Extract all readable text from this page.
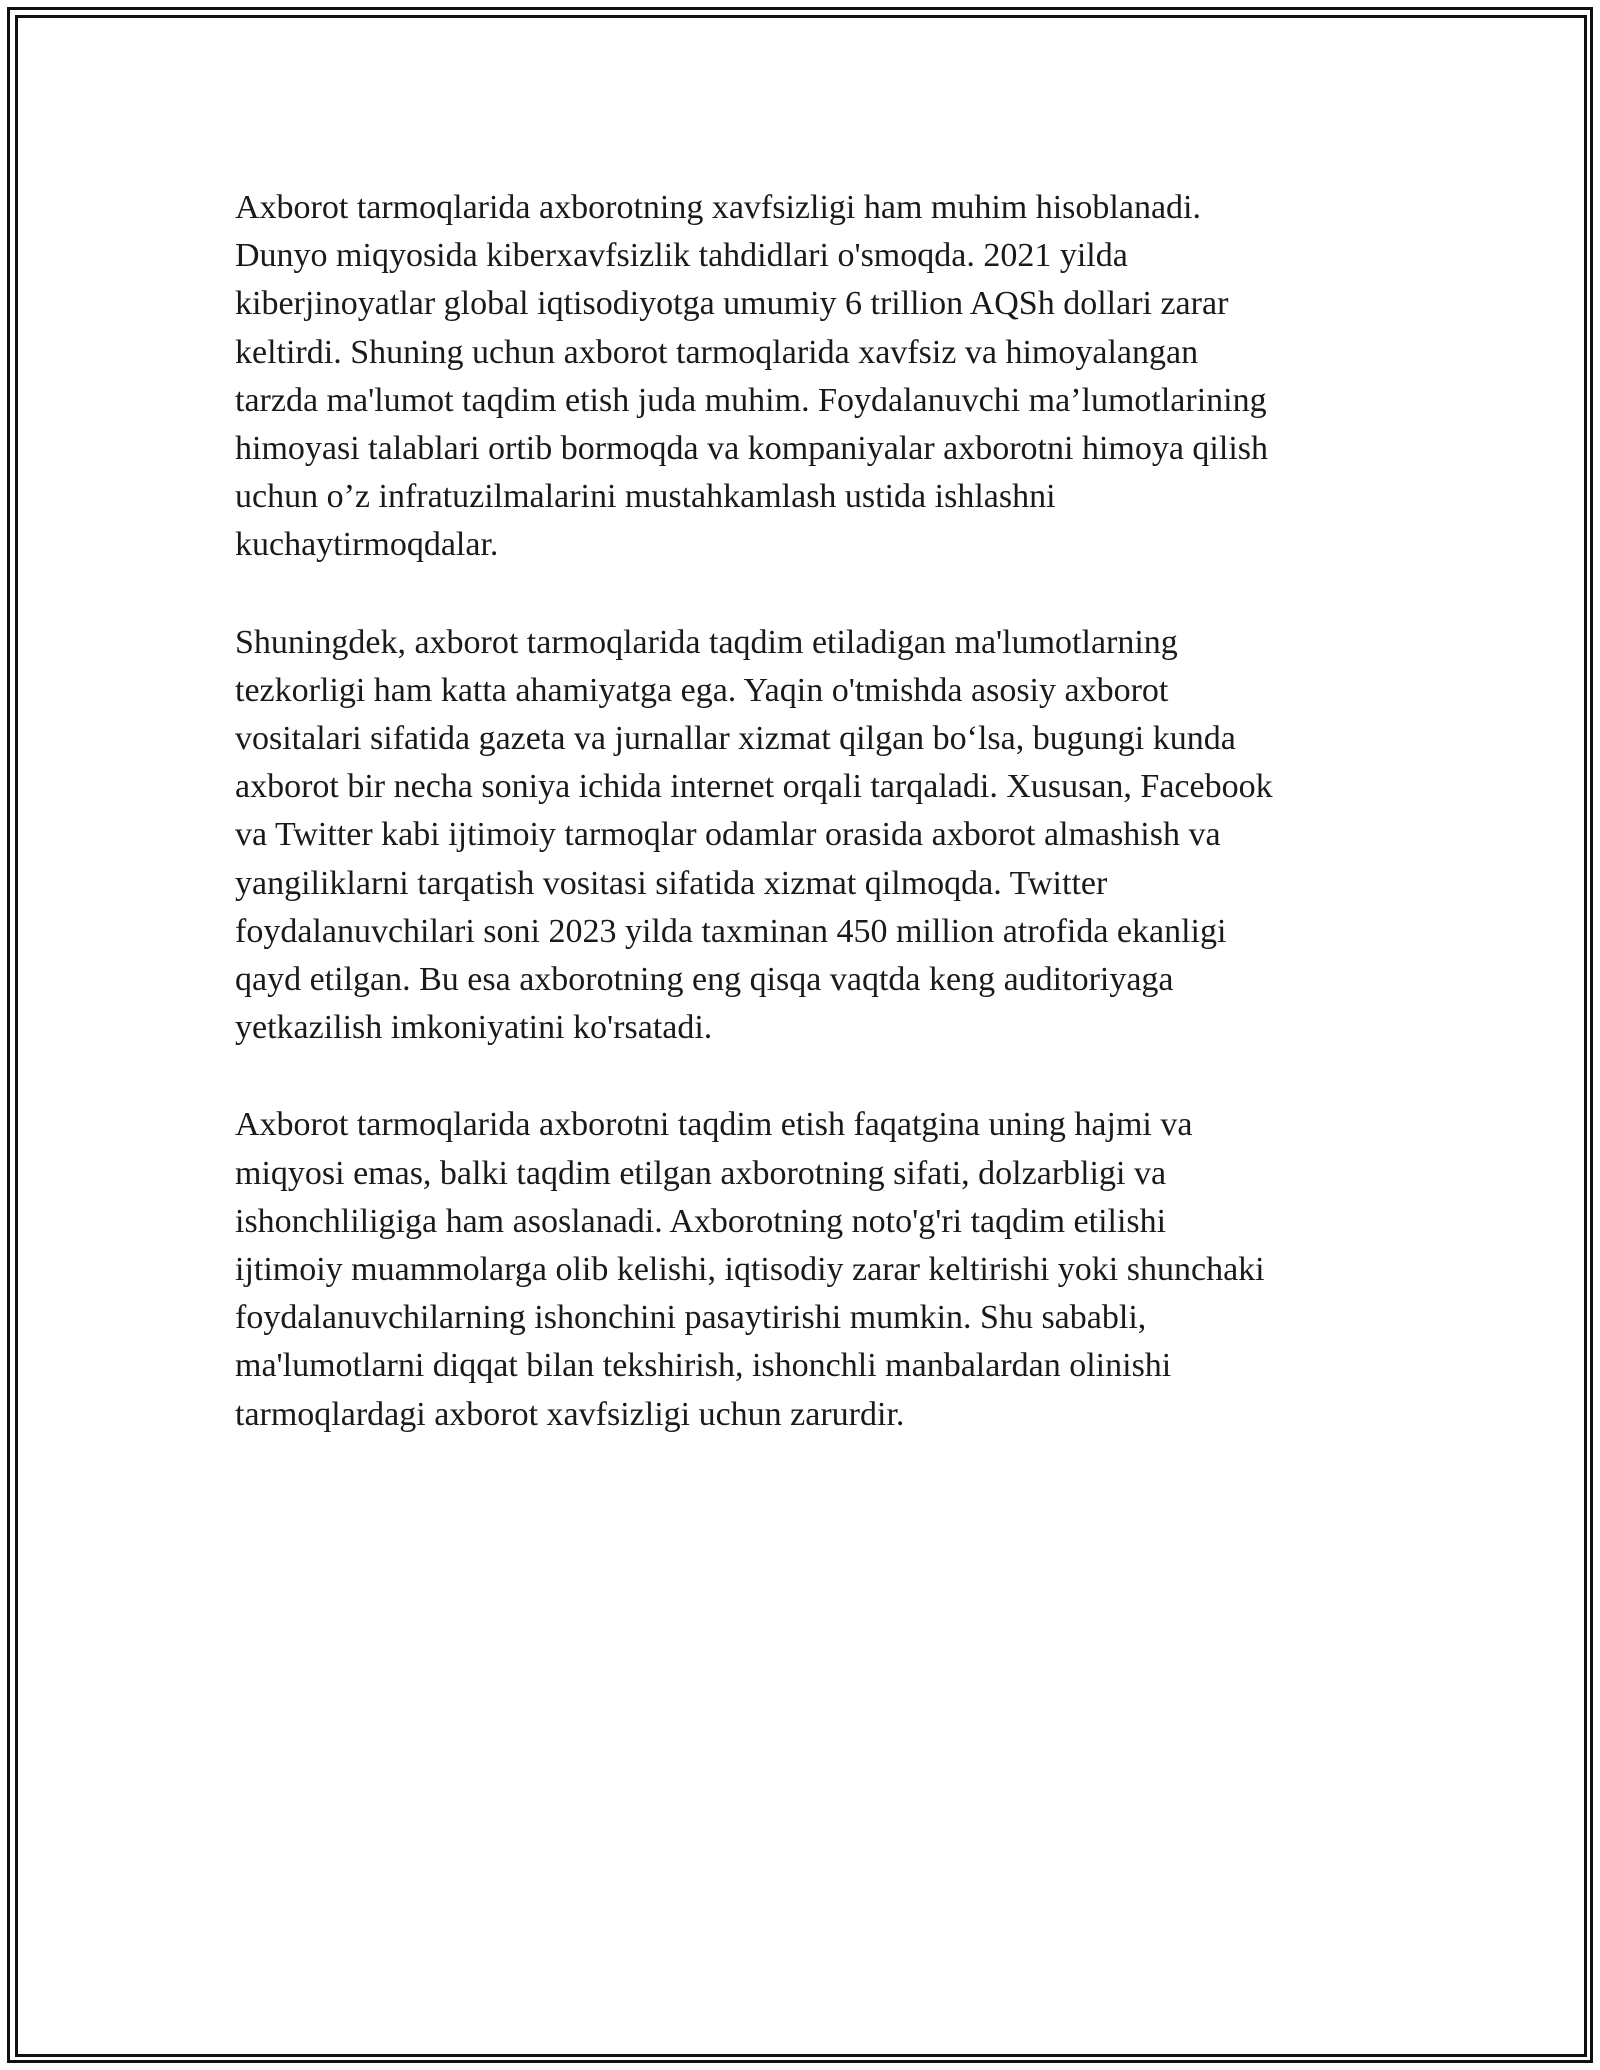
Axborot tarmoqlarida axborotning xavfsizligi ham muhim hisoblanadi.
Dunyo miqyosida kiberxavfsizlik tahdidlari o'smoqda. 2021 yilda
kiberjinoyatlar global iqtisodiyotga umumiy 6 trillion AQSh dollari zarar
keltirdi. Shuning uchun axborot tarmoqlarida xavfsiz va himoyalangan
tarzda ma'lumot taqdim etish juda muhim. Foydalanuvchi ma’lumotlarining
himoyasi talablari ortib bormoqda va kompaniyalar axborotni himoya qilish
uchun o’z infratuzilmalarini mustahkamlash ustida ishlashni
kuchaytirmoqdalar.

Shuningdek, axborot tarmoqlarida taqdim etiladigan ma'lumotlarning
tezkorligi ham katta ahamiyatga ega. Yaqin o'tmishda asosiy axborot
vositalari sifatida gazeta va jurnallar xizmat qilgan bo‘lsa, bugungi kunda
axborot bir necha soniya ichida internet orqali tarqaladi. Xususan, Facebook
va Twitter kabi ijtimoiy tarmoqlar odamlar orasida axborot almashish va
yangiliklarni tarqatish vositasi sifatida xizmat qilmoqda. Twitter
foydalanuvchilari soni 2023 yilda taxminan 450 million atrofida ekanligi
qayd etilgan. Bu esa axborotning eng qisqa vaqtda keng auditoriyaga
yetkazilish imkoniyatini ko'rsatadi.

Axborot tarmoqlarida axborotni taqdim etish faqatgina uning hajmi va
miqyosi emas, balki taqdim etilgan axborotning sifati, dolzarbligi va
ishonchliligiga ham asoslanadi. Axborotning noto'g'ri taqdim etilishi
ijtimoiy muammolarga olib kelishi, iqtisodiy zarar keltirishi yoki shunchaki
foydalanuvchilarning ishonchini pasaytirishi mumkin. Shu sababli,
ma'lumotlarni diqqat bilan tekshirish, ishonchli manbalardan olinishi
tarmoqlardagi axborot xavfsizligi uchun zarurdir.
